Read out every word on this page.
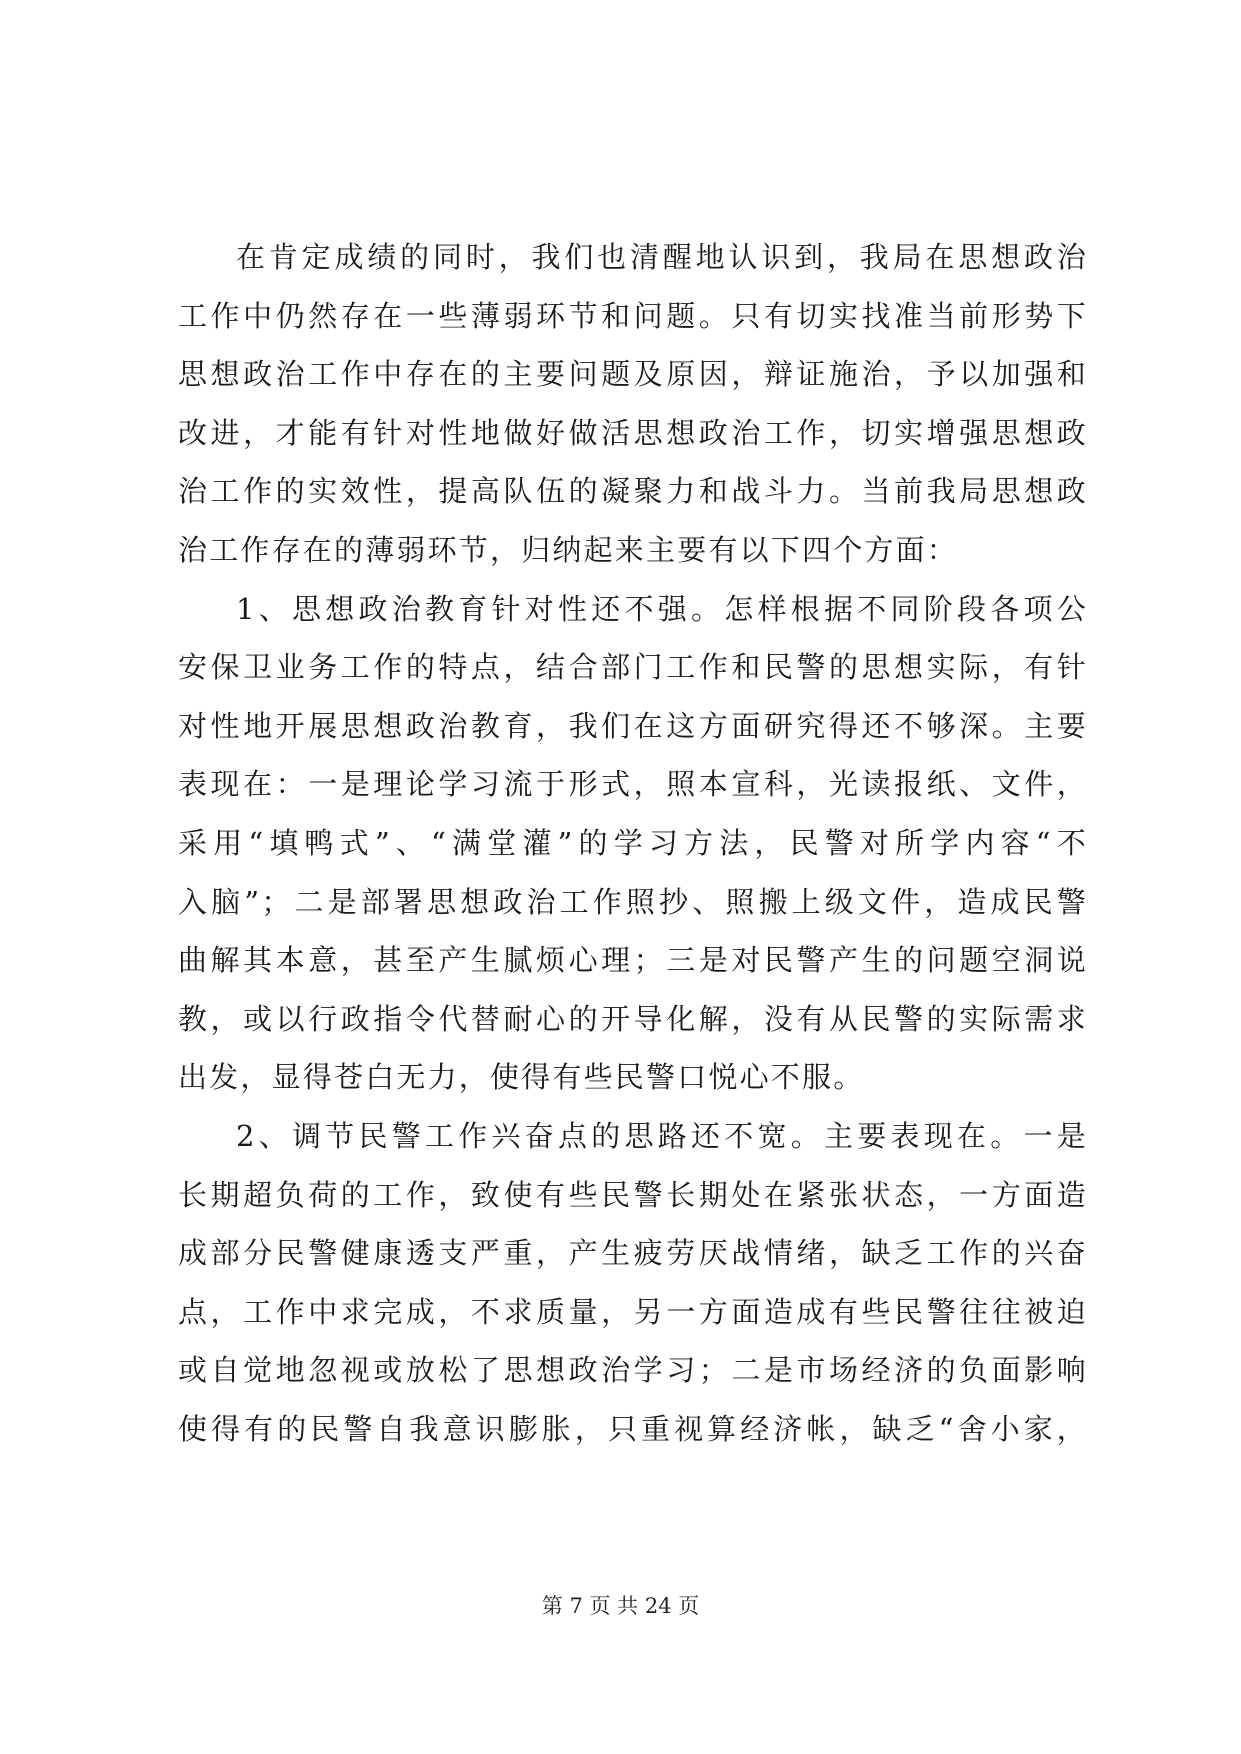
在肯定成绩的同时，我们也清醒地认识到，我局在思想政治
工作中仍然存在一些薄弱环节和问题。只有切实找准当前形势下
思想政治工作中存在的主要问题及原因，辩证施治，予以加强和
改进，才能有针对性地做好做活思想政治工作，切实增强思想政
治工作的实效性，提高队伍的凝聚力和战斗力。当前我局思想政
治工作存在的薄弱环节，归纳起来主要有以下四个方面：
1、思想政治教育针对性还不强。怎样根据不同阶段各项公
安保卫业务工作的特点，结合部门工作和民警的思想实际，有针
对性地开展思想政治教育，我们在这方面研究得还不够深。主要
表现在：一是理论学习流于形式，照本宣科，光读报纸、文件，
采用“填鸭式”、“满堂灌”的学习方法，民警对所学内容“不
入脑”；二是部署思想政治工作照抄、照搬上级文件，造成民警
曲解其本意，甚至产生腻烦心理；三是对民警产生的问题空洞说
教，或以行政指令代替耐心的开导化解，没有从民警的实际需求
出发，显得苍白无力，使得有些民警口悦心不服。
2、调节民警工作兴奋点的思路还不宽。主要表现在。一是
长期超负荷的工作，致使有些民警长期处在紧张状态，一方面造
成部分民警健康透支严重，产生疲劳厌战情绪，缺乏工作的兴奋
点，工作中求完成，不求质量，另一方面造成有些民警往往被迫
或自觉地忽视或放松了思想政治学习；二是市场经济的负面影响
使得有的民警自我意识膨胀，只重视算经济帐，缺乏“舍小家，
第 7 页 共 24 页
